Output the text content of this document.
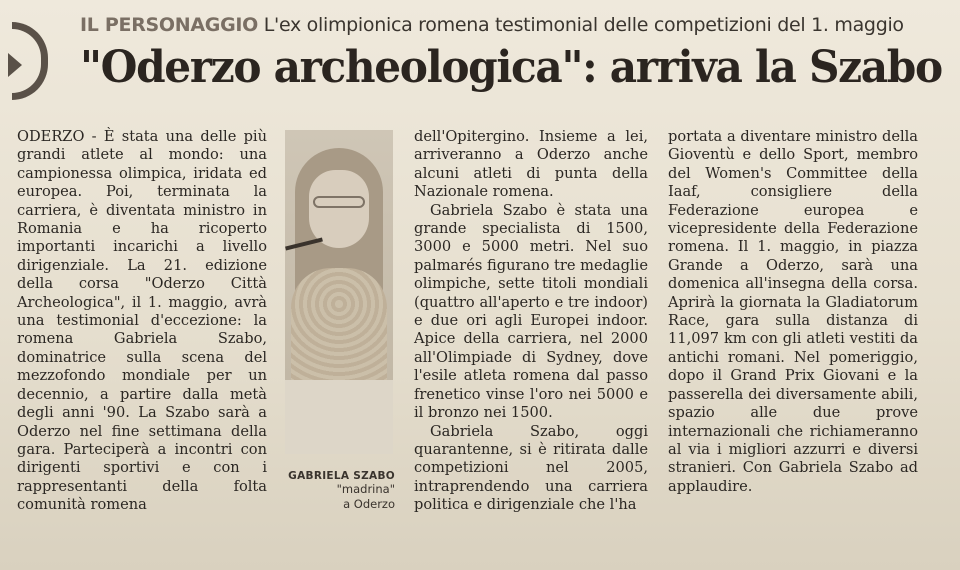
IL PERSONAGGIO L'ex olimpionica romena testimonial delle competizioni del 1. maggio
"Oderzo archeologica": arriva la Szabo

ODERZO - È stata una delle più grandi atlete al mondo: una campionessa olimpica, iridata ed europea. Poi, terminata la carriera, è diventata ministro in Romania e ha ricoperto importanti incarichi a livello dirigenziale. La 21. edizione della corsa "Oderzo Città Archeologica", il 1. maggio, avrà una testimonial d'eccezione: la romena Gabriela Szabo, dominatrice sulla scena del mezzofondo mondiale per un decennio, a partire dalla metà degli anni '90. La Szabo sarà a Oderzo nel fine settimana della gara. Parteciperà a incontri con dirigenti sportivi e con i rappresentanti della folta comunità romena

GABRIELA SZABO
"madrina"
a Oderzo

dell'Opitergino. Insieme a lei, arriveranno a Oderzo anche alcuni atleti di punta della Nazionale romena.

Gabriela Szabo è stata una grande specialista di 1500, 3000 e 5000 metri. Nel suo palmarés figurano tre medaglie olimpiche, sette titoli mondiali (quattro all'aperto e tre indoor) e due ori agli Europei indoor. Apice della carriera, nel 2000 all'Olimpiade di Sydney, dove l'esile atleta romena dal passo frenetico vinse l'oro nei 5000 e il bronzo nei 1500.

Gabriela Szabo, oggi quarantenne, si è ritirata dalle competizioni nel 2005, intraprendendo una carriera politica e dirigenziale che l'ha

portata a diventare ministro della Gioventù e dello Sport, membro del Women's Committee della Iaaf, consigliere della Federazione europea e vicepresidente della Federazione romena. Il 1. maggio, in piazza Grande a Oderzo, sarà una domenica all'insegna della corsa. Aprirà la giornata la Gladiatorum Race, gara sulla distanza di 11,097 km con gli atleti vestiti da antichi romani. Nel pomeriggio, dopo il Grand Prix Giovani e la passerella dei diversamente abili, spazio alle due prove internazionali che richiameranno al via i migliori azzurri e diversi stranieri. Con Gabriela Szabo ad applaudire.
